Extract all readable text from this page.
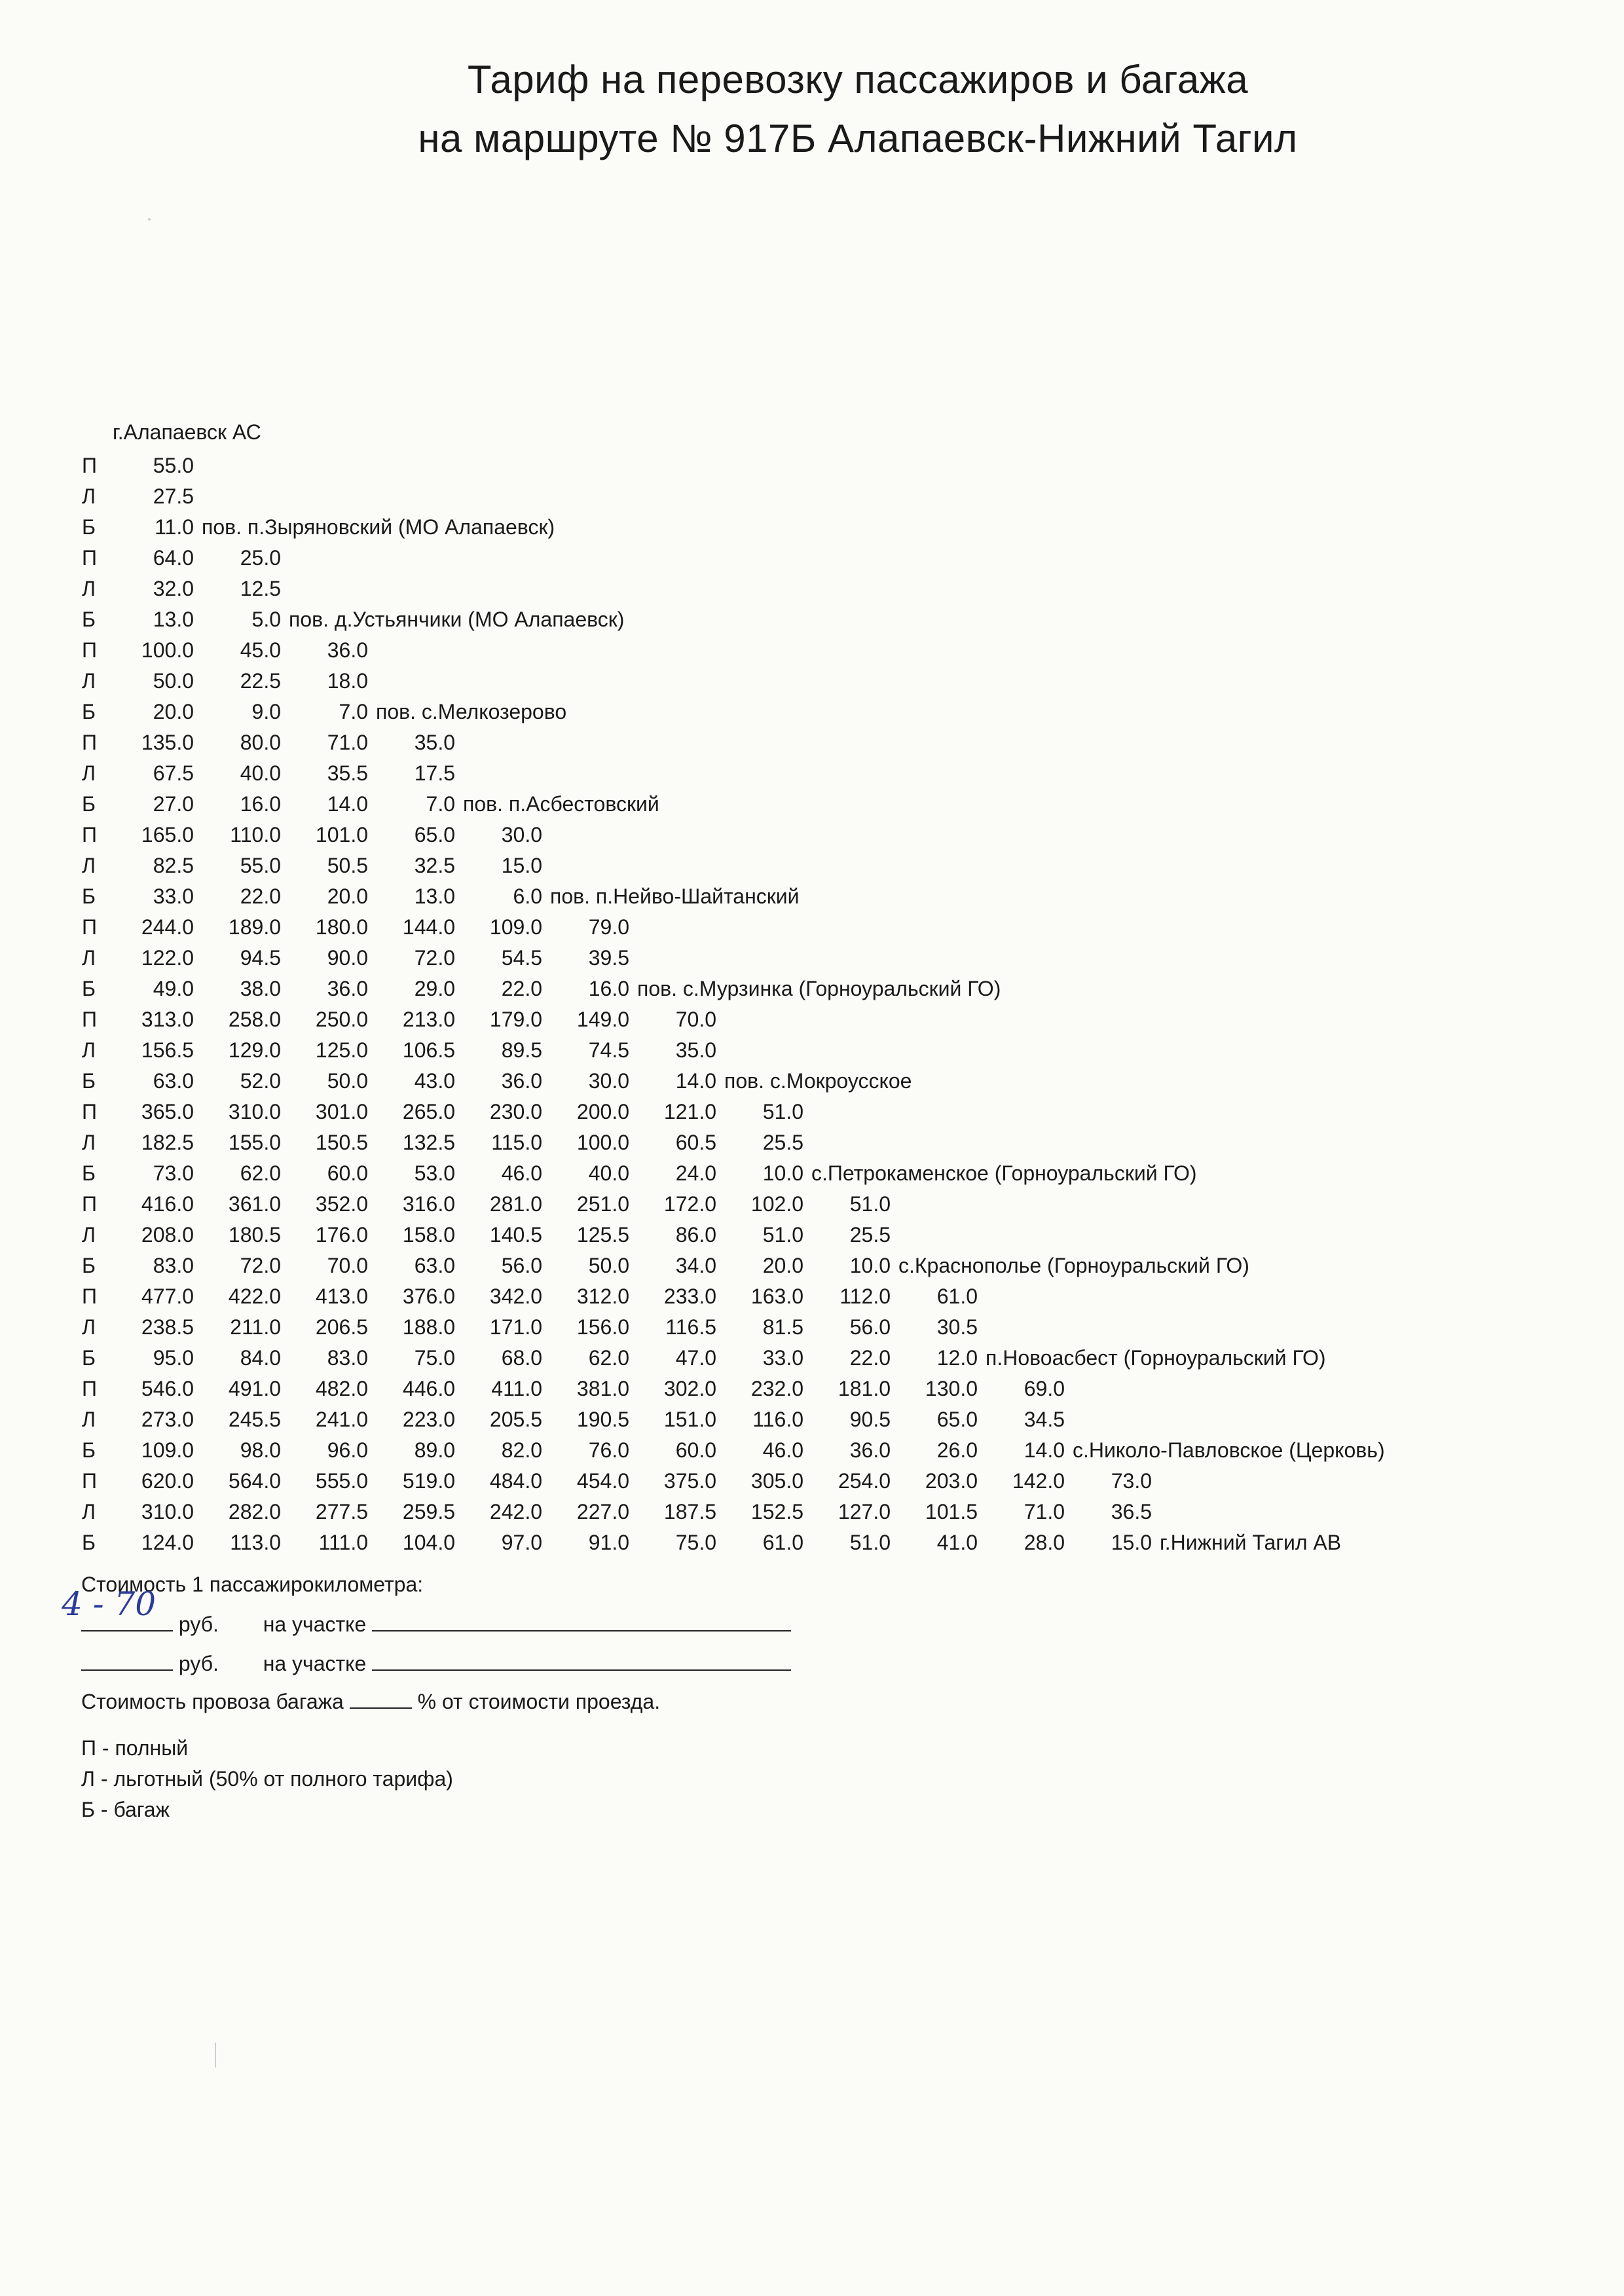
Тариф на перевозку пассажиров и багажа
на маршруте № 917Б Алапаевск-Нижний Тагил
г.Алапаевск АС
П	55.0
Л	27.5
Б	11.0 пов. п.Зыряновский (МО Алапаевск)
П	64.0	25.0
Л	32.0	12.5
Б	13.0	5.0 пов. д.Устьянчики (МО Алапаевск)
П	100.0	45.0	36.0
Л	50.0	22.5	18.0
Б	20.0	9.0	7.0 пов. с.Мелкозерово
П	135.0	80.0	71.0	35.0
Л	67.5	40.0	35.5	17.5
Б	27.0	16.0	14.0	7.0 пов. п.Асбестовский
П	165.0	110.0	101.0	65.0	30.0
Л	82.5	55.0	50.5	32.5	15.0
Б	33.0	22.0	20.0	13.0	6.0 пов. п.Нейво-Шайтанский
П	244.0	189.0	180.0	144.0	109.0	79.0
Л	122.0	94.5	90.0	72.0	54.5	39.5
Б	49.0	38.0	36.0	29.0	22.0	16.0 пов. с.Мурзинка (Горноуральский ГО)
П	313.0	258.0	250.0	213.0	179.0	149.0	70.0
Л	156.5	129.0	125.0	106.5	89.5	74.5	35.0
Б	63.0	52.0	50.0	43.0	36.0	30.0	14.0 пов. с.Мокроусское
П	365.0	310.0	301.0	265.0	230.0	200.0	121.0	51.0
Л	182.5	155.0	150.5	132.5	115.0	100.0	60.5	25.5
Б	73.0	62.0	60.0	53.0	46.0	40.0	24.0	10.0 с.Петрокаменское (Горноуральский ГО)
П	416.0	361.0	352.0	316.0	281.0	251.0	172.0	102.0	51.0
Л	208.0	180.5	176.0	158.0	140.5	125.5	86.0	51.0	25.5
Б	83.0	72.0	70.0	63.0	56.0	50.0	34.0	20.0	10.0 с.Краснополье (Горноуральский ГО)
П	477.0	422.0	413.0	376.0	342.0	312.0	233.0	163.0	112.0	61.0
Л	238.5	211.0	206.5	188.0	171.0	156.0	116.5	81.5	56.0	30.5
Б	95.0	84.0	83.0	75.0	68.0	62.0	47.0	33.0	22.0	12.0 п.Новоасбест (Горноуральский ГО)
П	546.0	491.0	482.0	446.0	411.0	381.0	302.0	232.0	181.0	130.0	69.0
Л	273.0	245.5	241.0	223.0	205.5	190.5	151.0	116.0	90.5	65.0	34.5
Б	109.0	98.0	96.0	89.0	82.0	76.0	60.0	46.0	36.0	26.0	14.0 с.Николо-Павловское (Церковь)
П	620.0	564.0	555.0	519.0	484.0	454.0	375.0	305.0	254.0	203.0	142.0	73.0
Л	310.0	282.0	277.5	259.5	242.0	227.0	187.5	152.5	127.0	101.5	71.0	36.5
Б	124.0	113.0	111.0	104.0	97.0	91.0	75.0	61.0	51.0	41.0	28.0	15.0 г.Нижний Тагил АВ
Стоимость 1 пассажирокилометра:
4 - 70
руб. на участке
руб. на участке
Стоимость провоза багажа	% от стоимости проезда.
П - полный
Л - льготный (50% от полного тарифа)
Б - багаж
